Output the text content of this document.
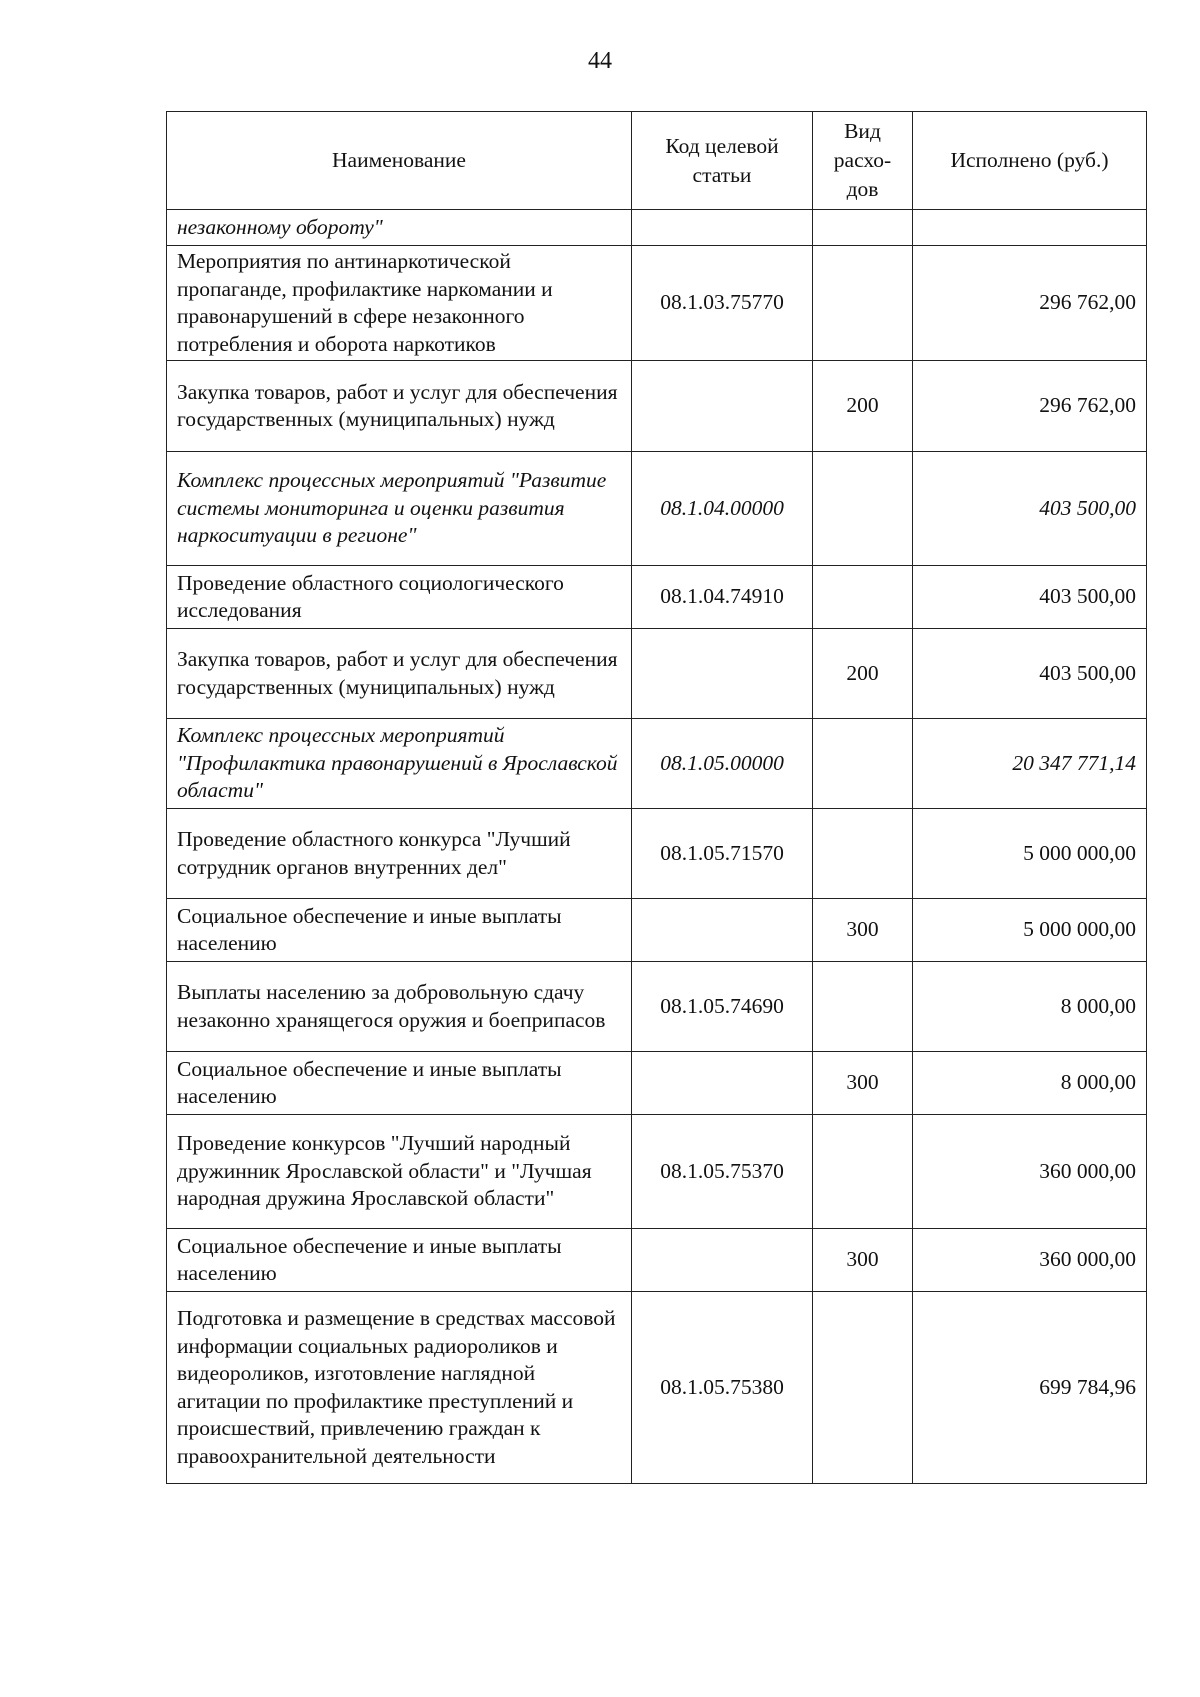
44
Наименование	Код целевой статьи	Вид расхо-дов	Исполнено (руб.)
незаконному обороту"			
Мероприятия по антинаркотической пропаганде, профилактике наркомании и правонарушений в сфере незаконного потребления и оборота наркотиков	08.1.03.75770		296 762,00
Закупка товаров, работ и услуг для обеспечения государственных (муниципальных) нужд		200	296 762,00
Комплекс процессных мероприятий "Развитие системы мониторинга и оценки развития наркоситуации в регионе"	08.1.04.00000		403 500,00
Проведение областного социологического исследования	08.1.04.74910		403 500,00
Закупка товаров, работ и услуг для обеспечения государственных (муниципальных) нужд		200	403 500,00
Комплекс процессных мероприятий "Профилактика правонарушений в Ярославской области"	08.1.05.00000		20 347 771,14
Проведение областного конкурса "Лучший сотрудник органов внутренних дел"	08.1.05.71570		5 000 000,00
Социальное обеспечение и иные выплаты населению		300	5 000 000,00
Выплаты населению за добровольную сдачу незаконно хранящегося оружия и боеприпасов	08.1.05.74690		8 000,00
Социальное обеспечение и иные выплаты населению		300	8 000,00
Проведение конкурсов "Лучший народный дружинник Ярославской области" и "Лучшая народная дружина Ярославской области"	08.1.05.75370		360 000,00
Социальное обеспечение и иные выплаты населению		300	360 000,00
Подготовка и размещение в средствах массовой информации социальных радиороликов и видеороликов, изготовление наглядной агитации по профилактике преступлений и происшествий, привлечению граждан к правоохранительной деятельности	08.1.05.75380		699 784,96
